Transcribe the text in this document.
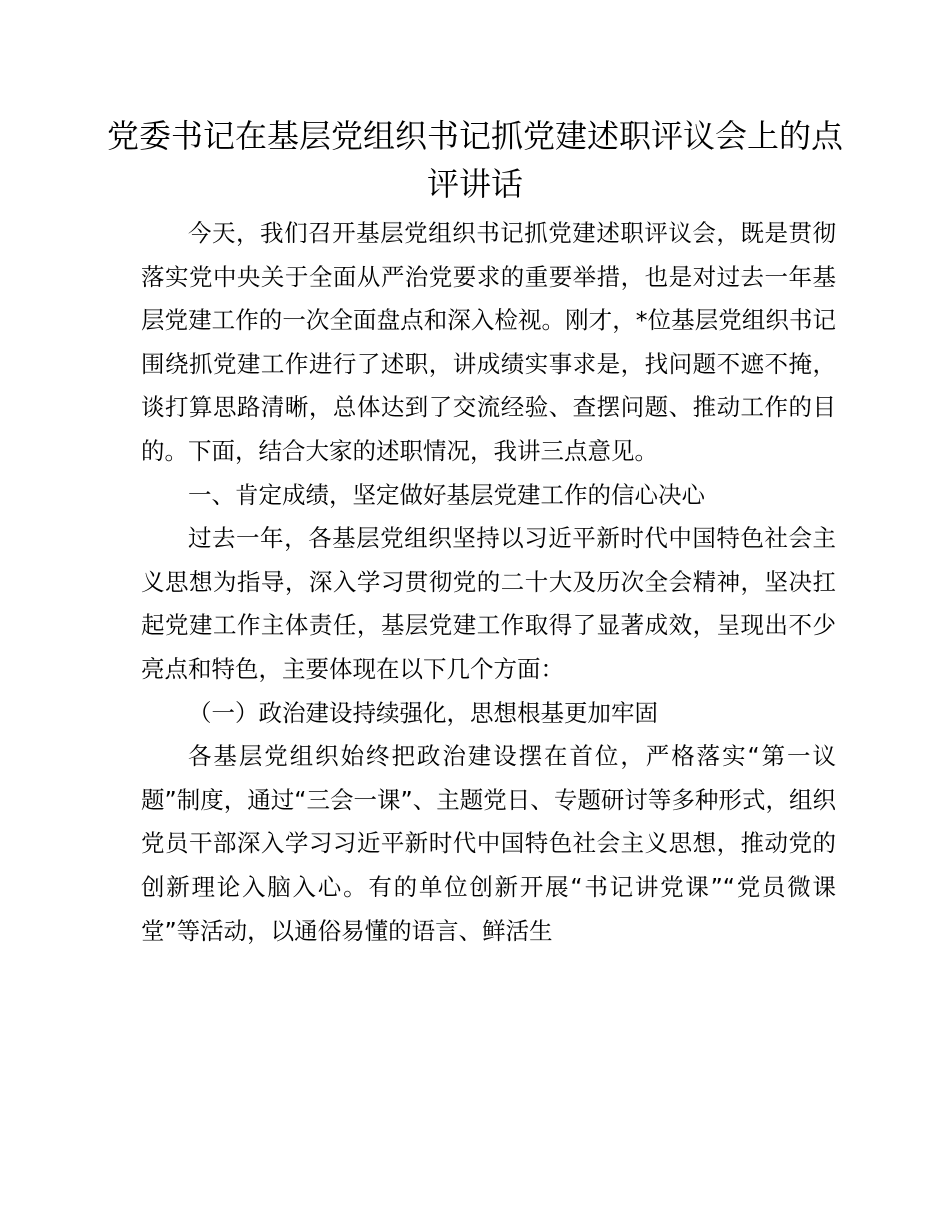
党委书记在基层党组织书记抓党建述职评议会上的点评讲话

今天，我们召开基层党组织书记抓党建述职评议会，既是贯彻落实党中央关于全面从严治党要求的重要举措，也是对过去一年基层党建工作的一次全面盘点和深入检视。刚才，*位基层党组织书记围绕抓党建工作进行了述职，讲成绩实事求是，找问题不遮不掩，谈打算思路清晰，总体达到了交流经验、查摆问题、推动工作的目的。下面，结合大家的述职情况，我讲三点意见。

一、肯定成绩，坚定做好基层党建工作的信心决心

过去一年，各基层党组织坚持以习近平新时代中国特色社会主义思想为指导，深入学习贯彻党的二十大及历次全会精神，坚决扛起党建工作主体责任，基层党建工作取得了显著成效，呈现出不少亮点和特色，主要体现在以下几个方面：

（一）政治建设持续强化，思想根基更加牢固

各基层党组织始终把政治建设摆在首位，严格落实“第一议题”制度，通过“三会一课”、主题党日、专题研讨等多种形式，组织党员干部深入学习习近平新时代中国特色社会主义思想，推动党的创新理论入脑入心。有的单位创新开展“书记讲党课”“党员微课堂”等活动，以通俗易懂的语言、鲜活生
